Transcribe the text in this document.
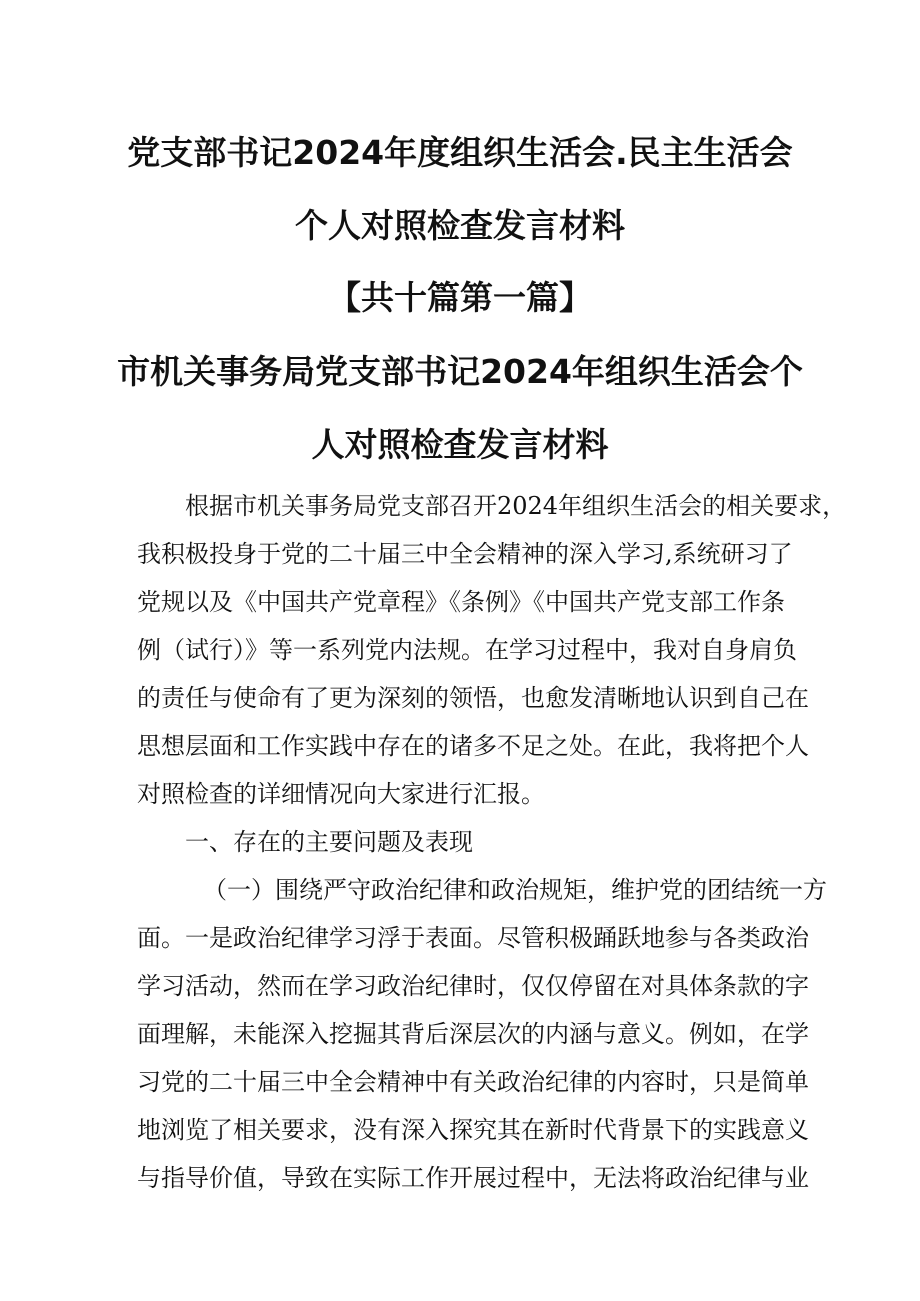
党支部书记2024年度组织生活会.民主生活会
个人对照检查发言材料
【共十篇第一篇】
市机关事务局党支部书记2024年组织生活会个
人对照检查发言材料
根据市机关事务局党支部召开2024年组织生活会的相关要求，
我积极投身于党的二十届三中全会精神的深入学习,系统研习了
党规以及《中国共产党章程》《条例》《中国共产党支部工作条
例（试行）》等一系列党内法规。在学习过程中，我对自身肩负
的责任与使命有了更为深刻的领悟，也愈发清晰地认识到自己在
思想层面和工作实践中存在的诸多不足之处。在此，我将把个人
对照检查的详细情况向大家进行汇报。
一、存在的主要问题及表现
（一）围绕严守政治纪律和政治规矩，维护党的团结统一方
面。一是政治纪律学习浮于表面。尽管积极踊跃地参与各类政治
学习活动，然而在学习政治纪律时，仅仅停留在对具体条款的字
面理解，未能深入挖掘其背后深层次的内涵与意义。例如，在学
习党的二十届三中全会精神中有关政治纪律的内容时，只是简单
地浏览了相关要求，没有深入探究其在新时代背景下的实践意义
与指导价值，导致在实际工作开展过程中，无法将政治纪律与业
